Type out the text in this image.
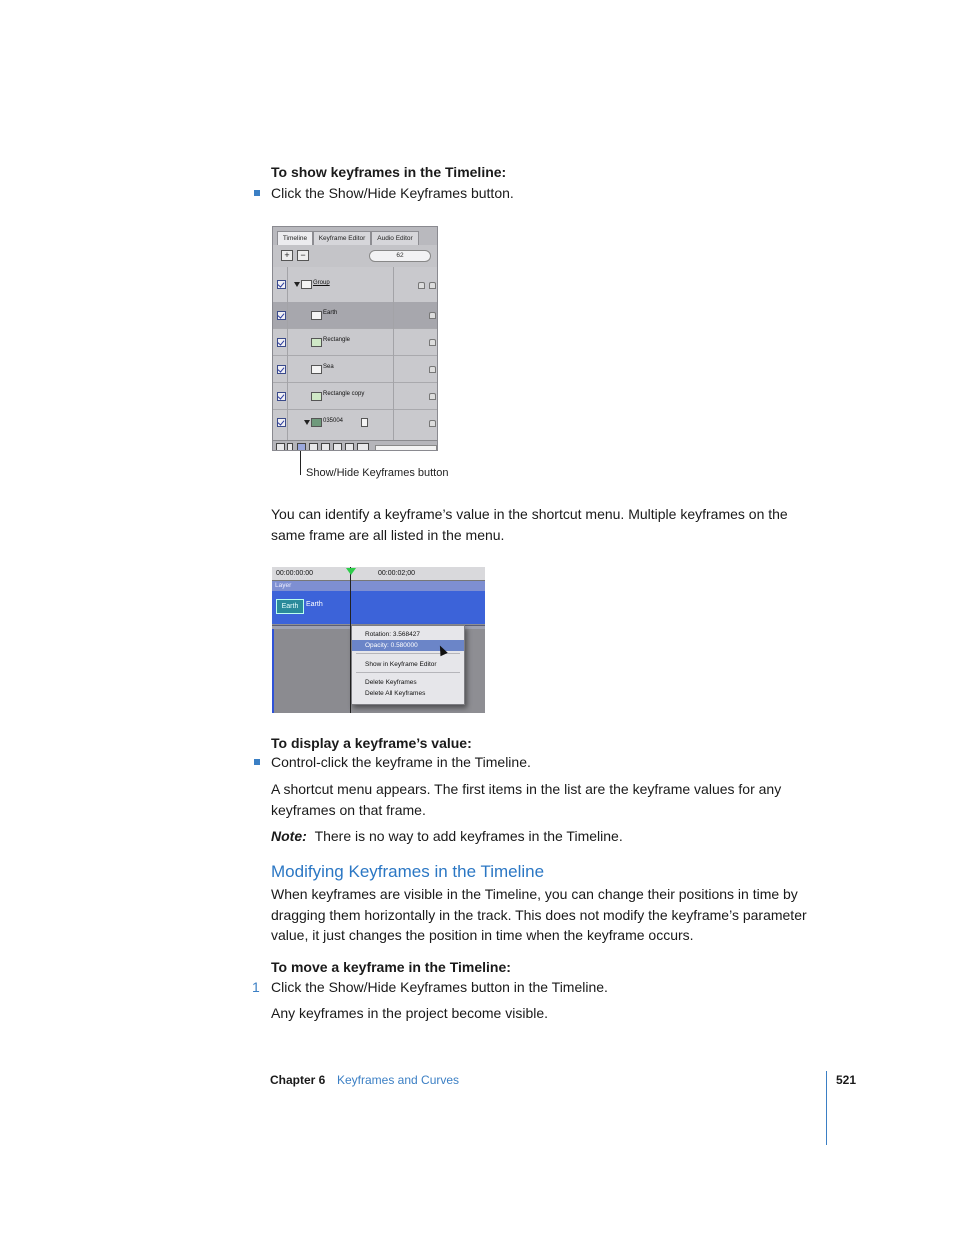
To show keyframes in the Timeline:
Click the Show/Hide Keyframes button.
Timeline	Keyframe Editor	Audio Editor
+	−	62
Group
Earth
Rectangle
Sea
Rectangle copy
035004
Show/Hide Keyframes button
You can identify a keyframe’s value in the shortcut menu. Multiple keyframes on the same frame are all listed in the menu.
00:00:00:00	00:00:02;00
Layer
Earth	Earth
Rotation: 3.568427
Opacity: 0.580000
Show in Keyframe Editor
Delete Keyframes
Delete All Keyframes
To display a keyframe’s value:
Control-click the keyframe in the Timeline.
A shortcut menu appears. The first items in the list are the keyframe values for any keyframes on that frame.
Note: There is no way to add keyframes in the Timeline.
Modifying Keyframes in the Timeline
When keyframes are visible in the Timeline, you can change their positions in time by dragging them horizontally in the track. This does not modify the keyframe’s parameter value, it just changes the position in time when the keyframe occurs.
To move a keyframe in the Timeline:
1 Click the Show/Hide Keyframes button in the Timeline.
Any keyframes in the project become visible.
Chapter 6 Keyframes and Curves	521
